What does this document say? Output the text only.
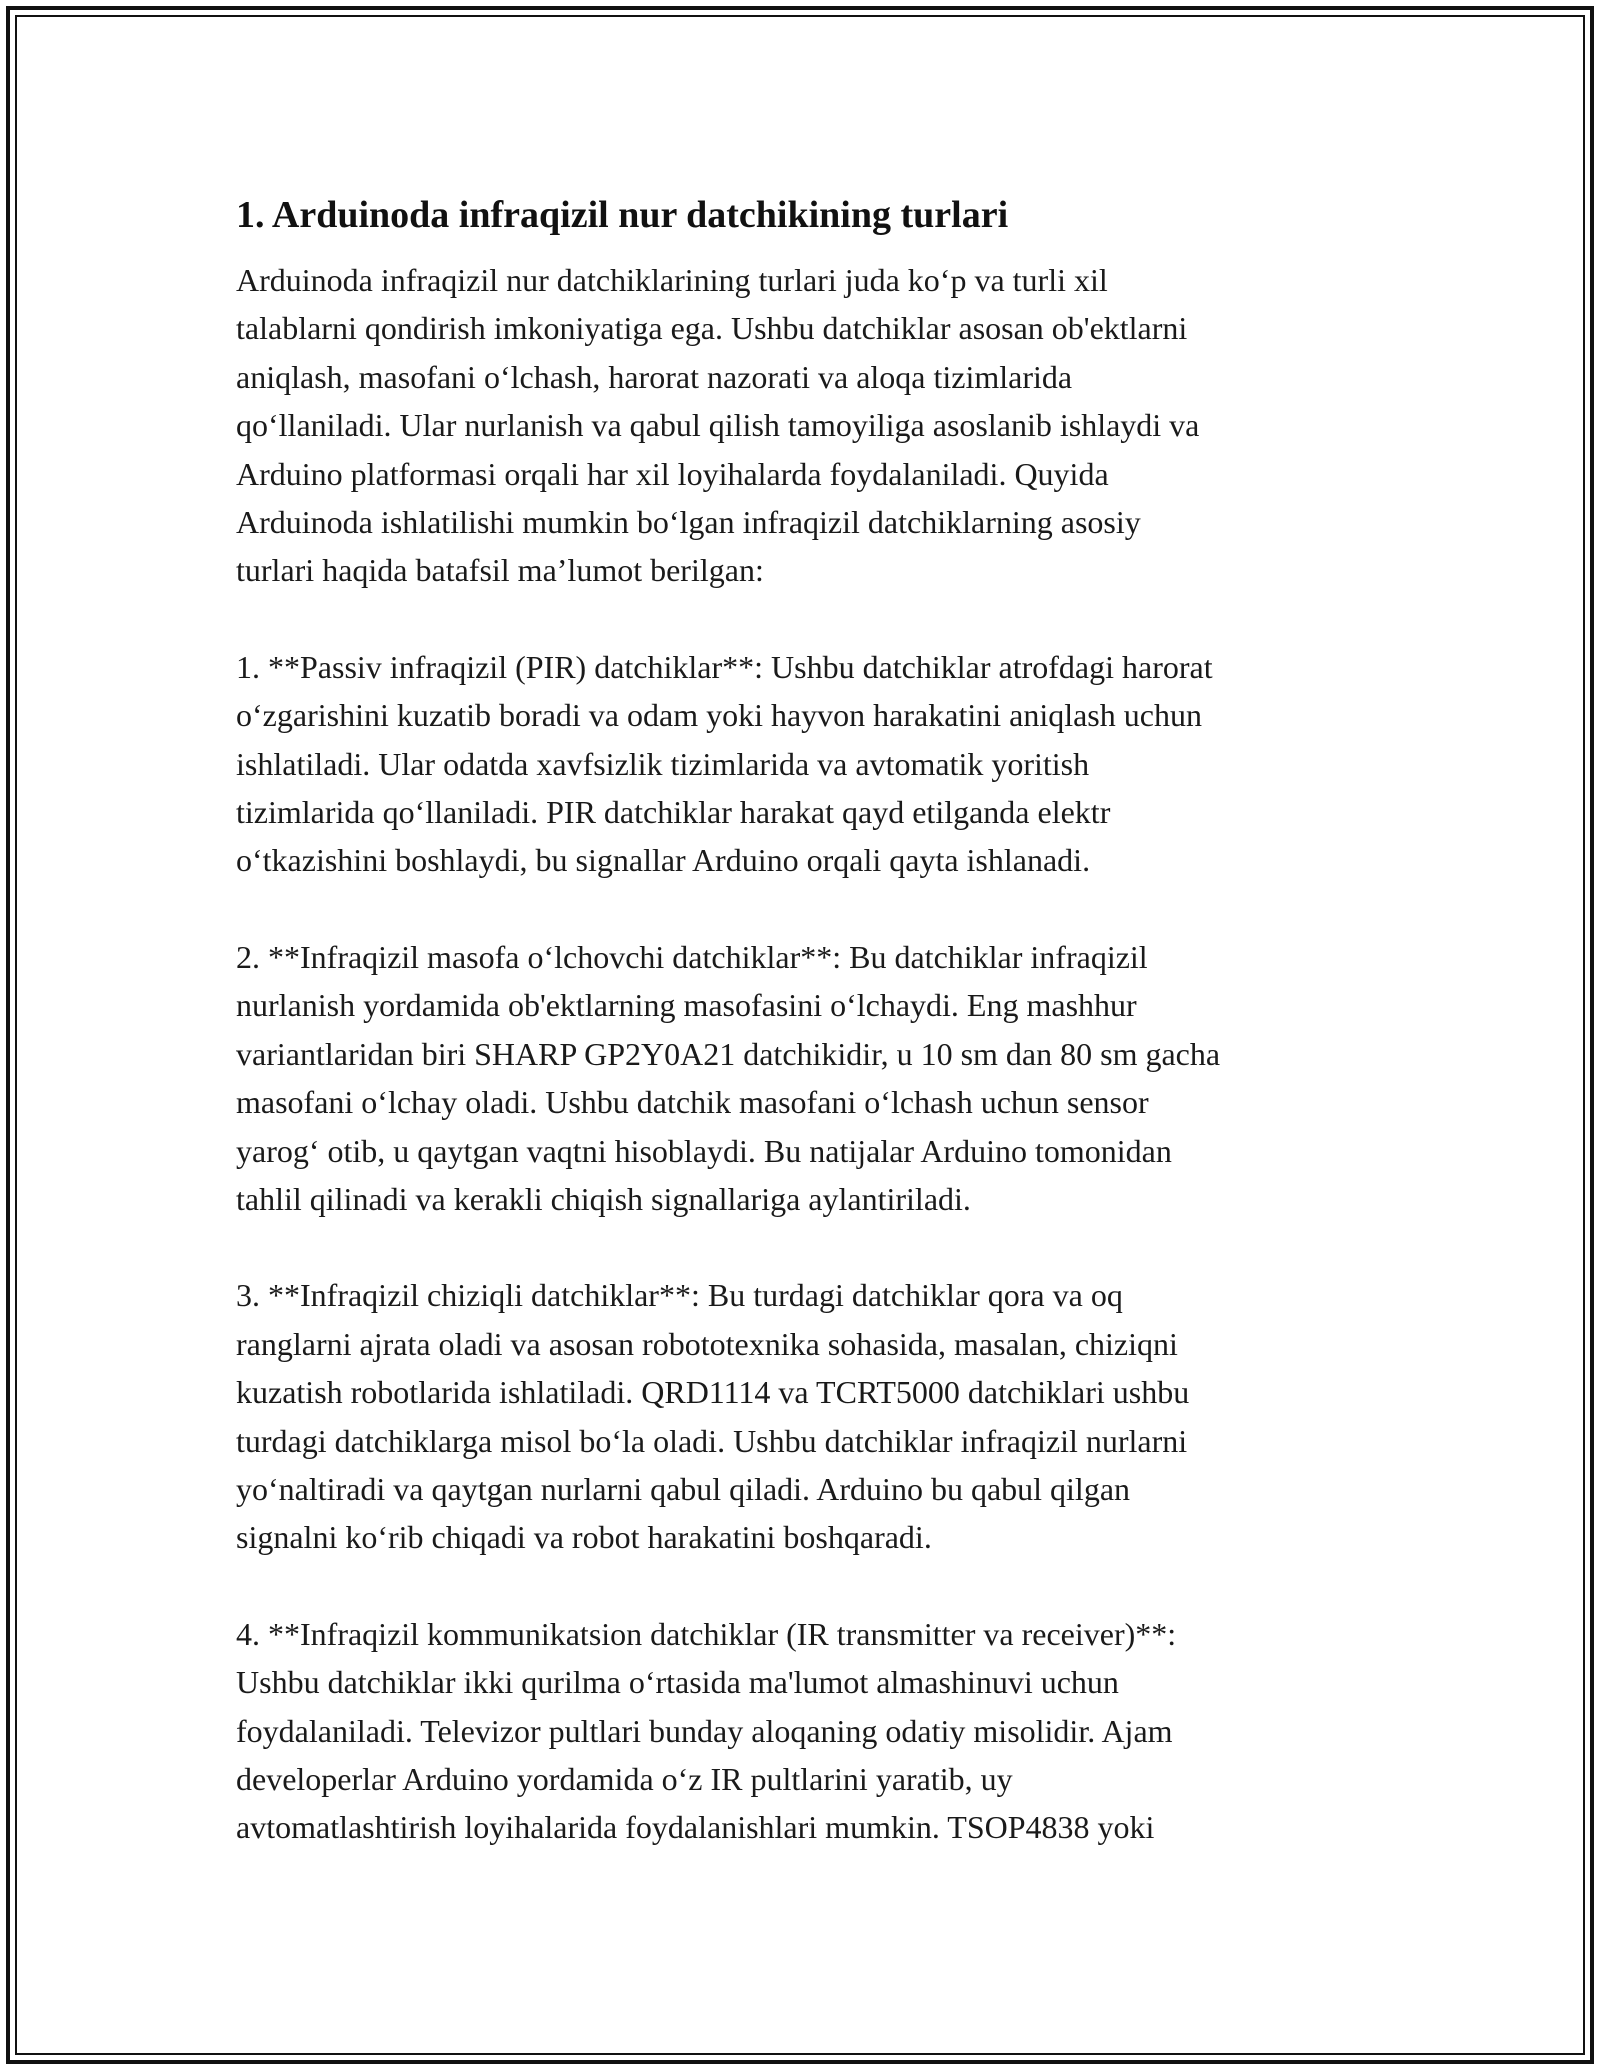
1. Arduinoda infraqizil nur datchikining turlari

Arduinoda infraqizil nur datchiklarining turlari juda ko‘p va turli xil
talablarni qondirish imkoniyatiga ega. Ushbu datchiklar asosan ob'ektlarni
aniqlash, masofani o‘lchash, harorat nazorati va aloqa tizimlarida
qo‘llaniladi. Ular nurlanish va qabul qilish tamoyiliga asoslanib ishlaydi va
Arduino platformasi orqali har xil loyihalarda foydalaniladi. Quyida
Arduinoda ishlatilishi mumkin bo‘lgan infraqizil datchiklarning asosiy
turlari haqida batafsil ma’lumot berilgan:

1. **Passiv infraqizil (PIR) datchiklar**: Ushbu datchiklar atrofdagi harorat
o‘zgarishini kuzatib boradi va odam yoki hayvon harakatini aniqlash uchun
ishlatiladi. Ular odatda xavfsizlik tizimlarida va avtomatik yoritish
tizimlarida qo‘llaniladi. PIR datchiklar harakat qayd etilganda elektr
o‘tkazishini boshlaydi, bu signallar Arduino orqali qayta ishlanadi.

2. **Infraqizil masofa o‘lchovchi datchiklar**: Bu datchiklar infraqizil
nurlanish yordamida ob'ektlarning masofasini o‘lchaydi. Eng mashhur
variantlaridan biri SHARP GP2Y0A21 datchikidir, u 10 sm dan 80 sm gacha
masofani o‘lchay oladi. Ushbu datchik masofani o‘lchash uchun sensor
yarog‘ otib, u qaytgan vaqtni hisoblaydi. Bu natijalar Arduino tomonidan
tahlil qilinadi va kerakli chiqish signallariga aylantiriladi.

3. **Infraqizil chiziqli datchiklar**: Bu turdagi datchiklar qora va oq
ranglarni ajrata oladi va asosan robototexnika sohasida, masalan, chiziqni
kuzatish robotlarida ishlatiladi. QRD1114 va TCRT5000 datchiklari ushbu
turdagi datchiklarga misol bo‘la oladi. Ushbu datchiklar infraqizil nurlarni
yo‘naltiradi va qaytgan nurlarni qabul qiladi. Arduino bu qabul qilgan
signalni ko‘rib chiqadi va robot harakatini boshqaradi.

4. **Infraqizil kommunikatsion datchiklar (IR transmitter va receiver)**:
Ushbu datchiklar ikki qurilma o‘rtasida ma'lumot almashinuvi uchun
foydalaniladi. Televizor pultlari bunday aloqaning odatiy misolidir. Ajam
developerlar Arduino yordamida o‘z IR pultlarini yaratib, uy
avtomatlashtirish loyihalarida foydalanishlari mumkin. TSOP4838 yoki
